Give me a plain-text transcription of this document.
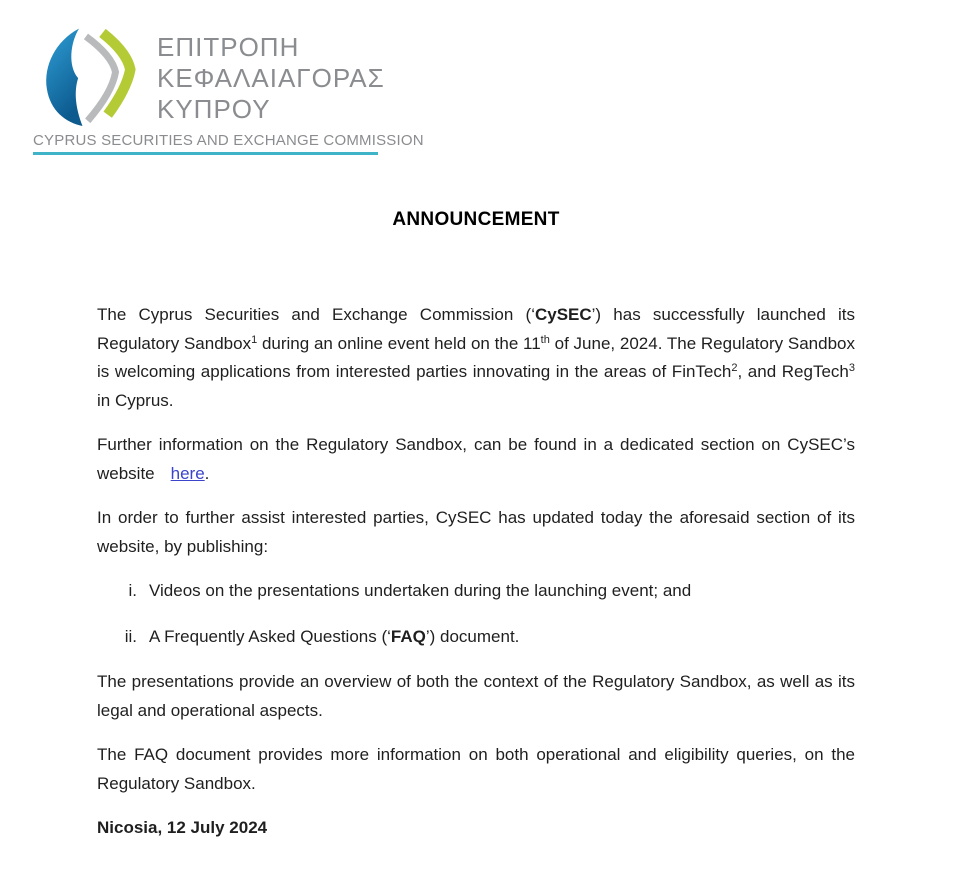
ΕΠΙΤΡΟΠΗ
ΚΕΦΑΛΑΙΑΓΟΡΑΣ
ΚΥΠΡΟΥ
CYPRUS SECURITIES AND EXCHANGE COMMISSION
ANNOUNCEMENT

The Cyprus Securities and Exchange Commission (‘CySEC’) has successfully launched its Regulatory Sandbox$^1$ during an online event held on the 11th of June, 2024. The Regulatory Sandbox is welcoming applications from interested parties innovating in the areas of FinTech$^2$, and RegTech$^3$ in Cyprus.

Further information on the Regulatory Sandbox, can be found in a dedicated section on CySEC’s website here.

In order to further assist interested parties, CySEC has updated today the aforesaid section of its website, by publishing:

i. Videos on the presentations undertaken during the launching event; and
ii. A Frequently Asked Questions (‘FAQ’) document.

The presentations provide an overview of both the context of the Regulatory Sandbox, as well as its legal and operational aspects.

The FAQ document provides more information on both operational and eligibility queries, on the Regulatory Sandbox.

Nicosia, 12 July 2024
